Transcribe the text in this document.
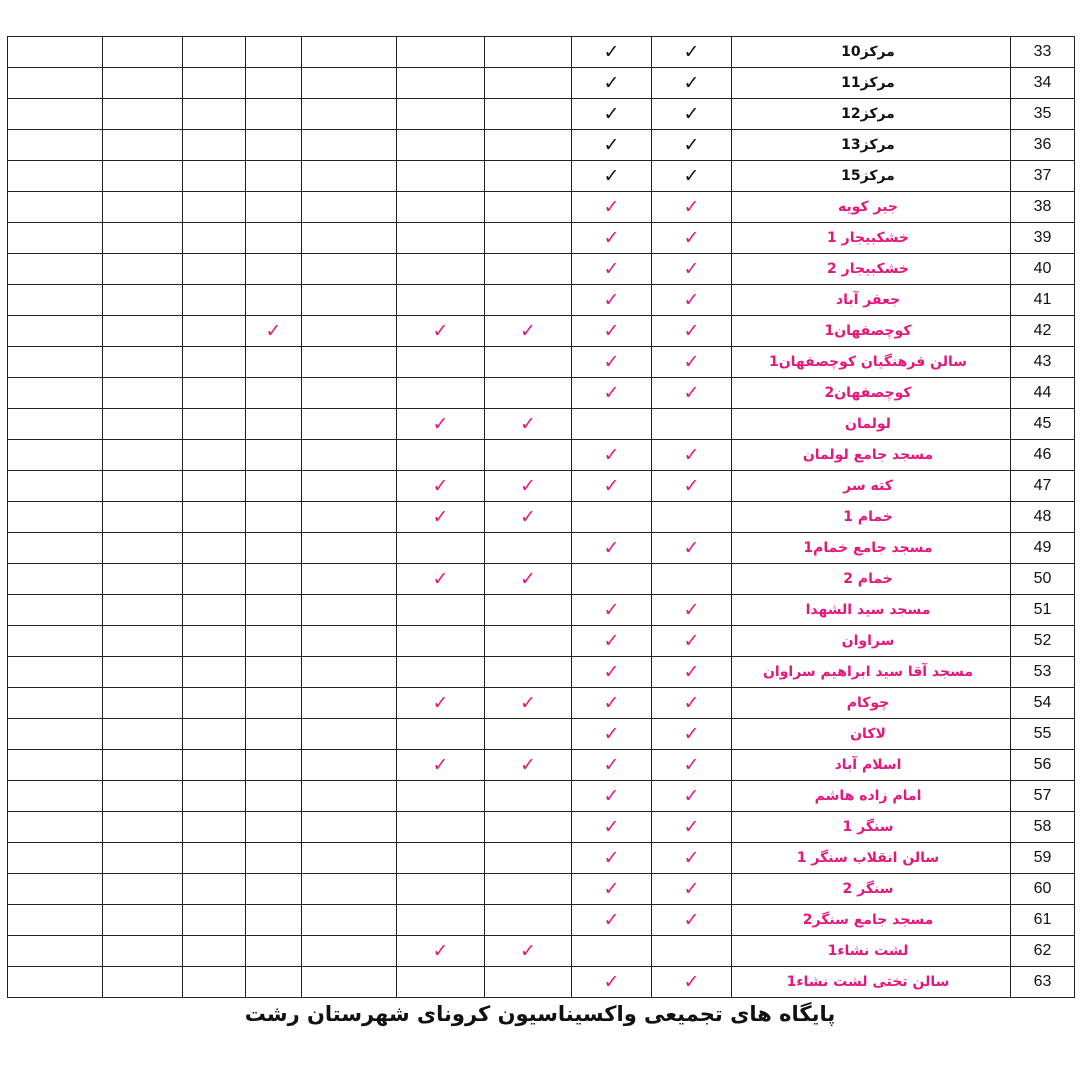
							✓	✓	مرکز10	33
							✓	✓	مرکز11	34
							✓	✓	مرکز12	35
							✓	✓	مرکز13	36
							✓	✓	مرکز15	37
							✓	✓	جیر کویه	38
							✓	✓	خشکبیجار 1	39
							✓	✓	خشکبیجار 2	40
							✓	✓	جعفر آباد	41
			✓		✓	✓	✓	✓	کوچصفهان1	42
							✓	✓	سالن فرهنگیان کوچصفهان1	43
							✓	✓	کوچصفهان2	44
					✓	✓			لولمان	45
							✓	✓	مسجد جامع لولمان	46
					✓	✓	✓	✓	کته سر	47
					✓	✓			خمام 1	48
							✓	✓	مسجد جامع خمام1	49
					✓	✓			خمام 2	50
							✓	✓	مسجد سید الشهدا	51
							✓	✓	سراوان	52
							✓	✓	مسجد آقا سید ابراهیم سراوان	53
					✓	✓	✓	✓	چوکام	54
							✓	✓	لاکان	55
					✓	✓	✓	✓	اسلام آباد	56
							✓	✓	امام زاده هاشم	57
							✓	✓	سنگر 1	58
							✓	✓	سالن انقلاب سنگر 1	59
							✓	✓	سنگر 2	60
							✓	✓	مسجد جامع سنگر2	61
					✓	✓			لشت نشاء1	62
							✓	✓	سالن تختی لشت نشاء1	63
پایگاه های تجمیعی واکسیناسیون کرونای شهرستان رشت
